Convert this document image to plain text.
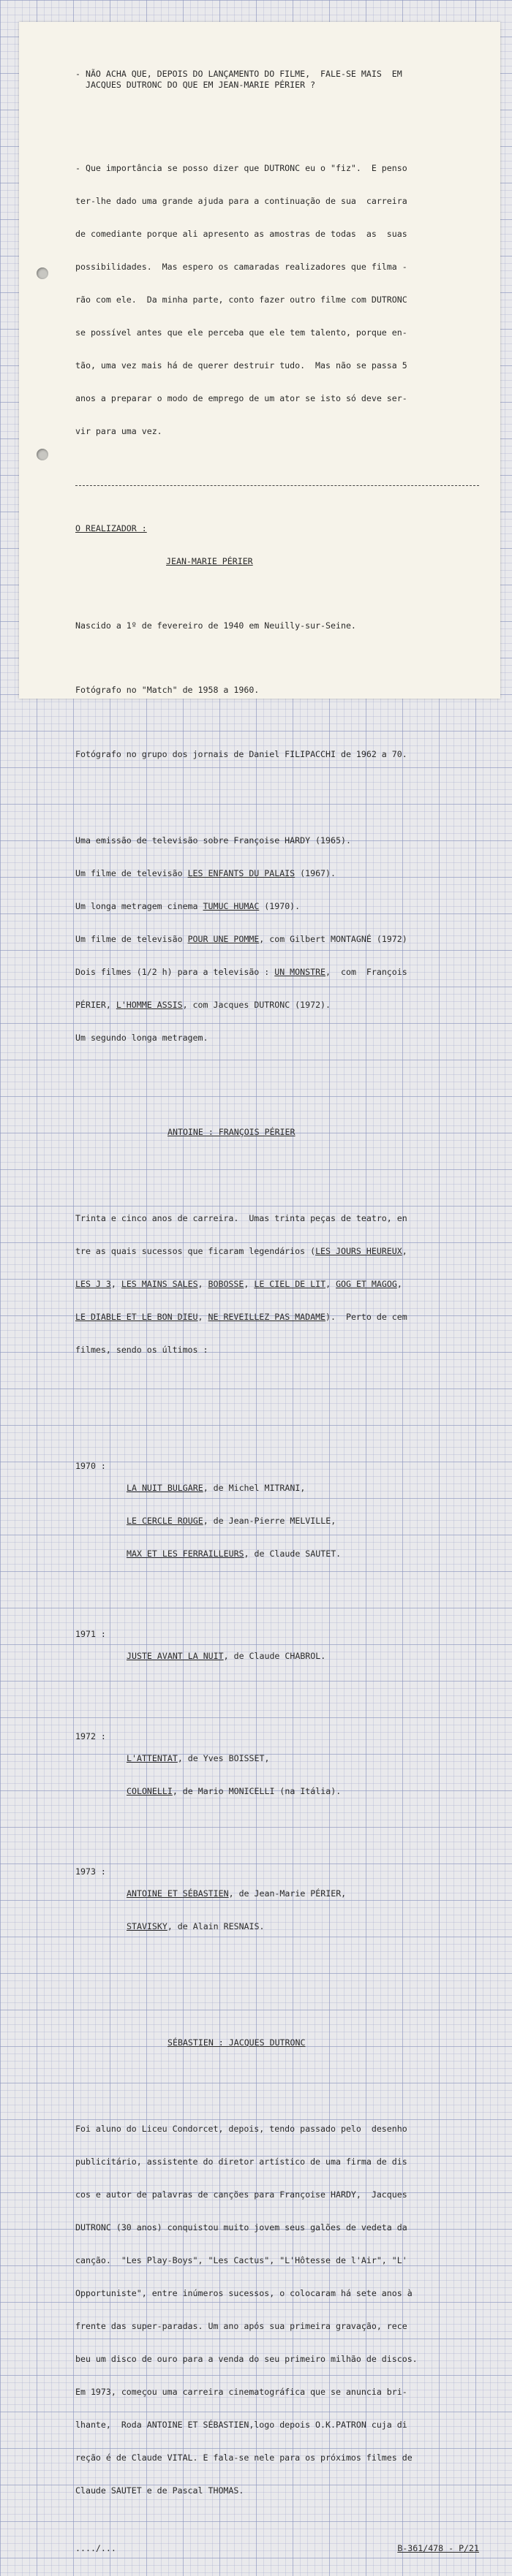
- NÃO ACHA QUE, DEPOIS DO LANÇAMENTO DO FILME,  FALE-SE MAIS  EM
JACQUES DUTRONC DO QUE EM JEAN-MARIE PÉRIER ?

- Que importância se posso dizer que DUTRONC eu o "fiz".  E penso

ter-lhe dado uma grande ajuda para a continuação de sua  carreira

de comediante porque ali apresento as amostras de todas  as  suas

possibilidades.  Mas espero os camaradas realizadores que filma -

rão com ele.  Da minha parte, conto fazer outro filme com DUTRONC

se possível antes que ele perceba que ele tem talento, porque en-

tão, uma vez mais há de querer destruir tudo.  Mas não se passa 5

anos a preparar o modo de emprego de um ator se isto só deve ser-

vir para uma vez.

O REALIZADOR :

JEAN-MARIE PÉRIER

Nascido a 1º de fevereiro de 1940 em Neuilly-sur-Seine.

Fotógrafo no "Match" de 1958 a 1960.

Fotógrafo no grupo dos jornais de Daniel FILIPACCHI de 1962 a 70.

Uma emissão de televisão sobre Françoise HARDY (1965).

Um filme de televisão LES ENFANTS DU PALAIS (1967).

Um longa metragem cinema TUMUC HUMAC (1970).

Um filme de televisão POUR UNE POMME, com Gilbert MONTAGNÉ (1972)

Dois filmes (1/2 h) para a televisão : UN MONSTRE,  com  François

PÉRIER, L'HOMME ASSIS, com Jacques DUTRONC (1972).

Um segundo longa metragem.

ANTOINE : FRANÇOIS PÉRIER

Trinta e cinco anos de carreira.  Umas trinta peças de teatro, en

tre as quais sucessos que ficaram legendários (LES JOURS HEUREUX,

LES J 3, LES MAINS SALES, BOBOSSE, LE CIEL DE LIT, GOG ET MAGOG,

LE DIABLE ET LE BON DIEU, NE REVEILLEZ PAS MADAME).  Perto de cem

filmes, sendo os últimos :

1970 :

LA NUIT BULGARE, de Michel MITRANI,

LE CERCLE ROUGE, de Jean-Pierre MELVILLE,

MAX ET LES FERRAILLEURS, de Claude SAUTET.

1971 :

JUSTE AVANT LA NUIT, de Claude CHABROL.

1972 :

L'ATTENTAT, de Yves BOISSET,

COLONELLI, de Mario MONICELLI (na Itália).

1973 :

ANTOINE ET SÉBASTIEN, de Jean-Marie PÉRIER,

STAVISKY, de Alain RESNAIS.

SÉBASTIEN : JACQUES DUTRONC

Foi aluno do Liceu Condorcet, depois, tendo passado pelo  desenho

publicitário, assistente do diretor artístico de uma firma de dis

cos e autor de palavras de canções para Françoise HARDY,  Jacques

DUTRONC (30 anos) conquistou muito jovem seus galões de vedeta da

canção.  "Les Play-Boys", "Les Cactus", "L'Hôtesse de l'Air", "L'

Opportuniste", entre inúmeros sucessos, o colocaram há sete anos à

frente das super-paradas. Um ano após sua primeira gravação, rece

beu um disco de ouro para a venda do seu primeiro milhão de discos.

Em 1973, começou uma carreira cinematográfica que se anuncia bri-

lhante,  Roda ANTOINE ET SÉBASTIEN,logo depois O.K.PATRON cuja di

reção é de Claude VITAL. E fala-se nele para os próximos filmes de

Claude SAUTET e de Pascal THOMAS.

..../...	B-361/478 - P/21
